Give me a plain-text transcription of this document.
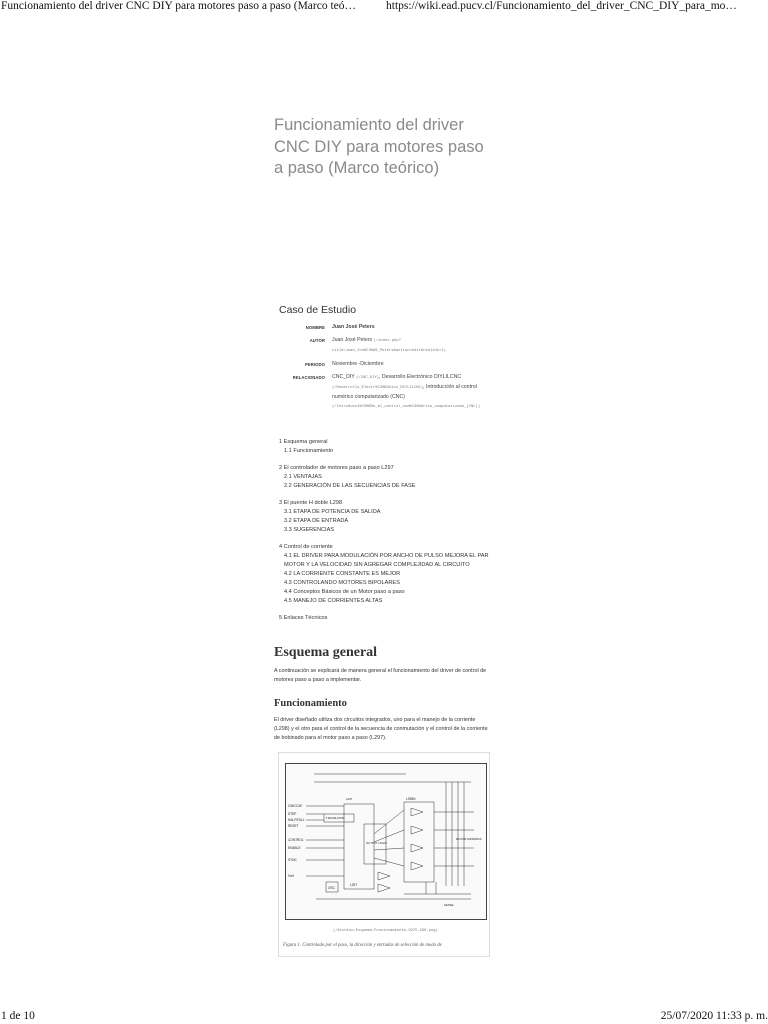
Funcionamiento del driver CNC DIY para motores paso a paso (Marco teó…	https://wiki.ead.pucv.cl/Funcionamiento_del_driver_CNC_DIY_para_mo…
Funcionamiento del driver CNC DIY para motores paso a paso (Marco teórico)
Caso de Estudio
NOMBRE	Juan José Peters
AUTOR	Juan José Peters (/index.php?title=Juan_Jos%C3%A9_Peters&action=edit&redlink=1)
PERIODO	Noviembre -Diciembre
RELACIONADO	CNC_DIY (/CNC_DIY), Desarrollo Electrónico DIYLILCNC (/Desarrollo_Electr%C3%B3nico_DIYLILCNC), Introducción al control numérico computarizado (CNC) (/Introducci%C3%B3n_al_control_num%C3%A9rico_computarizado_(CNC))
1 Esquema general
1.1 Funcionamiento
2 El controlador de motores paso a paso L297
2.1 VENTAJAS
2.2 GENERACIÓN DE LAS SECUENCIAS DE FASE
3 El puente H doble L298
3.1 ETAPA DE POTENCIA DE SALIDA
3.2 ETAPA DE ENTRADA
3.3 SUGERENCIAS
4 Control de corriente
4.1 EL DRIVER PARA MODULACIÓN POR ANCHO DE PULSO MEJORA EL PAR MOTOR Y LA VELOCIDAD SIN AGREGAR COMPLEJIDAD AL CIRCUITO
4.2 LA CORRIENTE CONSTANTE ES MEJOR
4.3 CONTROLANDO MOTORES BIPOLARES
4.4 Conceptos Básicos de un Motor paso a paso
4.5 MANEJO DE CORRIENTES ALTAS
5 Enlaces Técnicos
Esquema general
A continuación se explicará de manera general el funcionamiento del driver de control de motores paso a paso a implementar.
Funcionamiento
El driver diseñado utiliza dos circuitos integrados, uno para el manejo de la corriente (L298) y el otro para el control de la secuencia de conmutación y el control de la corriente de bobinado para el motor paso a paso (L297).
CW/CCW
STEP
HALF/FULL
RESET
CONTROL
ENABLE
SYNC
Vref
OSC
TRANSLATOR
OUTPUT LOGIC
L298N
L297
MOTOR WINDINGS
SENSE
L297
(/Archivo:Esquema-Funcionamiento-2975.298.png)
Figura 1. Controlado por el paso, la dirección y entradas de selección de modo de
1 de 10	25/07/2020 11:33 p. m.
